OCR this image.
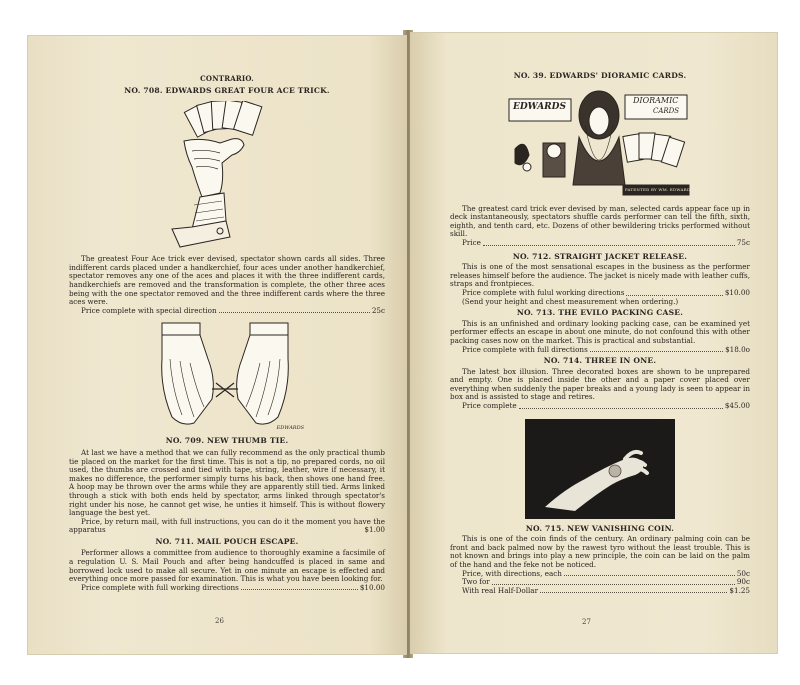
CONTRARIO.
NO. 708. EDWARDS GREAT FOUR ACE TRICK.

The greatest Four Ace trick ever devised, spectator shown cards all sides. Three indifferent cards placed under a handkerchief, four aces under another handkerchief, spectator removes any one of the aces and places it with the three indifferent cards, handkerchiefs are removed and the transformation is complete, the other three aces being with the one spectator removed and the three indifferent cards where the three aces were.

Price complete with special direction	25c
EDWARDS
NO. 709. NEW THUMB TIE.

At last we have a method that we can fully recommend as the only practical thumb tie placed on the market for the first time. This is not a tip, no prepared cords, no oil used, the thumbs are crossed and tied with tape, string, leather, wire if necessary, it makes no difference, the performer simply turns his back, then shows one hand free. A hoop may be thrown over the arms while they are apparently still tied. Arms linked through a stick with both ends held by spectator, arms linked through spectator's right under his nose, he cannot get wise, he unties it himself. This is without flowery language the best yet.

Price, by return mail, with full instructions, you can do it the moment you have the apparatus	$1.00

NO. 711. MAIL POUCH ESCAPE.

Performer allows a committee from audience to thoroughly examine a facsimile of a regulation U. S. Mail Pouch and after being handcuffed is placed in same and borrowed lock used to make all secure. Yet in one minute an escape is effected and everything once more passed for examination. This is what you have been looking for.

Price complete with full working directions	$10.00
26
NO. 39. EDWARDS' DIORAMIC CARDS.
EDWARDS
DIORAMIC
CARDS
PATENTED BY WM. EDWARDS

The greatest card trick ever devised by man, selected cards appear face up in deck instantaneously, spectators shuffle cards performer can tell the fifth, sixth, eighth, and tenth card, etc. Dozens of other bewildering tricks performed without skill.

Price	75c
NO. 712. STRAIGHT JACKET RELEASE.

This is one of the most sensational escapes in the business as the performer releases himself before the audience. The jacket is nicely made with leather cuffs, straps and frontpieces.

Price complete with fulul working directions	$10.00

(Send your height and chest measurement when ordering.)

NO. 713. THE EVILO PACKING CASE.

This is an unfinished and ordinary looking packing case, can be examined yet performer effects an escape in about one minute, do not confound this with other packing cases now on the market. This is practical and substantial.

Price complete with full directions	$18.0o
NO. 714. THREE IN ONE.

The latest box illusion. Three decorated boxes are shown to be unprepared and empty. One is placed inside the other and a paper cover placed over everything when suddenly the paper breaks and a young lady is seen to appear in box and is assisted to stage and retires.

Price complete	$45.00
NO. 715. NEW VANISHING COIN.

This is one of the coin finds of the century. An ordinary palming coin can be front and back palmed now by the rawest tyro without the least trouble. This is not known and brings into play a new principle, the coin can be laid on the palm of the hand and the feke not be noticed.

Price, with directions, each	50c
Two for	90c
With real Half-Dollar	$1.25
27
